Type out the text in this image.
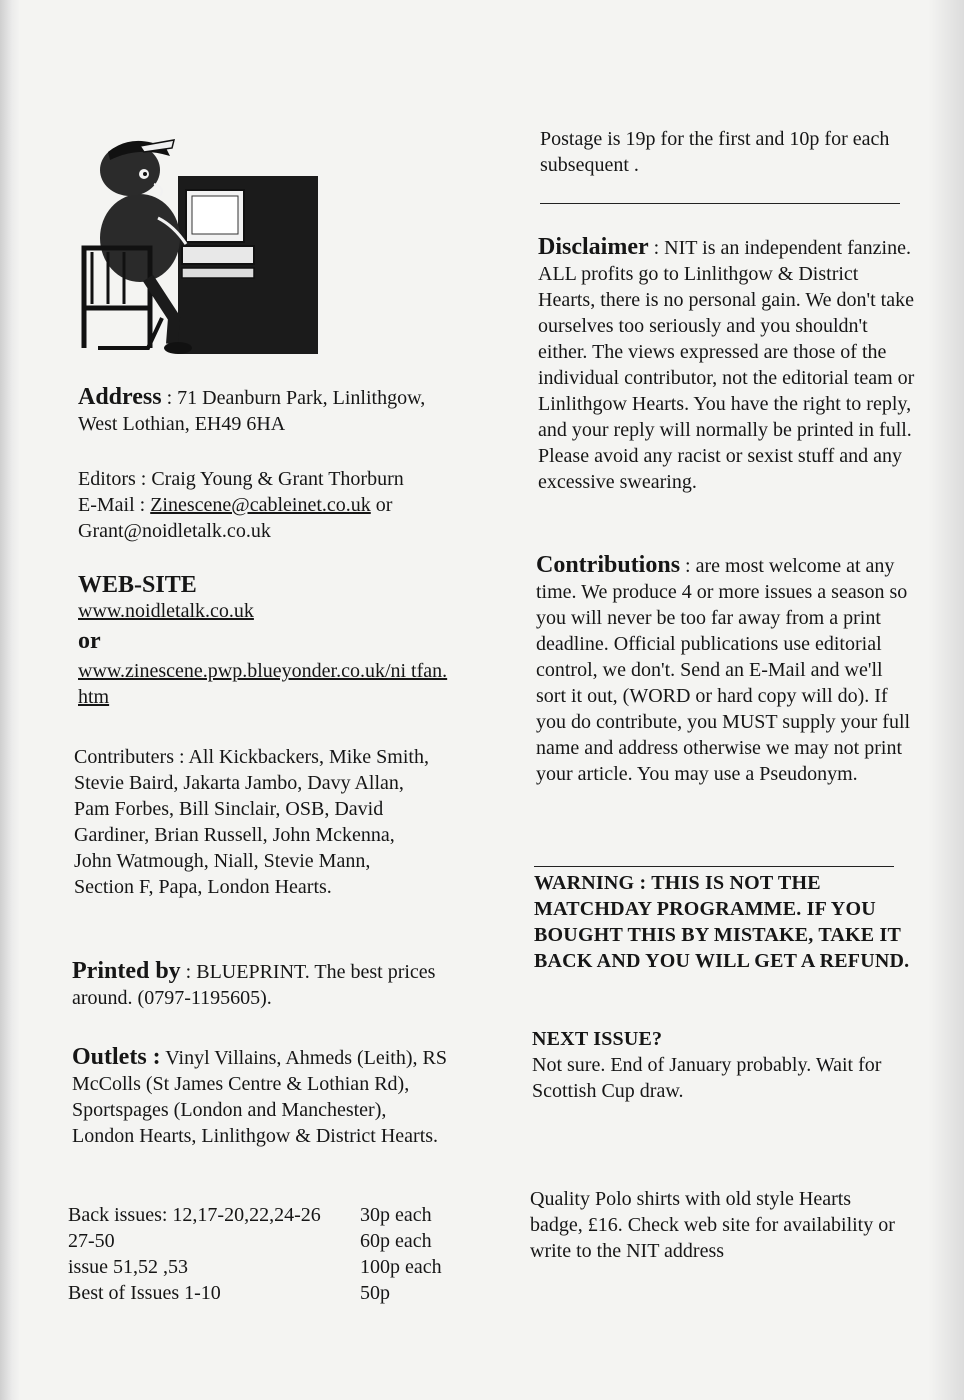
Address : 71 Deanburn Park, Linlithgow, West Lothian, EH49 6HA

Editors : Craig Young & Grant Thorburn

E-Mail : Zinescene@cableinet.co.uk or

Grant@noidletalk.co.uk

WEB-SITE

www.noidletalk.co.uk

or

www.zinescene.pwp.blueyonder.co.uk/ni tfan.htm

Contributers : All Kickbackers, Mike Smith, Stevie Baird, Jakarta Jambo, Davy Allan, Pam Forbes, Bill Sinclair, OSB, David Gardiner, Brian Russell, John Mckenna, John Watmough, Niall, Stevie Mann, Section F, Papa, London Hearts.

Printed by : BLUEPRINT. The best prices around. (0797-1195605).

Outlets : Vinyl Villains, Ahmeds (Leith), RS McColls (St James Centre & Lothian Rd), Sportspages (London and Manchester), London Hearts, Linlithgow & District Hearts.

Back issues: 12,17-20,22,24-26	30p each
27-50	60p each
issue 51,52 ,53	100p each
Best of Issues 1-10	50p

Postage is 19p for the first and 10p for each subsequent .

Disclaimer : NIT is an independent fanzine. ALL profits go to Linlithgow & District Hearts, there is no personal gain. We don't take ourselves too seriously and you shouldn't either. The views expressed are those of the individual contributor, not the editorial team or Linlithgow Hearts. You have the right to reply, and your reply will normally be printed in full. Please avoid any racist or sexist stuff and any excessive swearing.

Contributions : are most welcome at any time. We produce 4 or more issues a season so you will never be too far away from a print deadline. Official publications use editorial control, we don't. Send an E-Mail and we'll sort it out, (WORD or hard copy will do). If you do contribute, you MUST supply your full name and address otherwise we may not print your article. You may use a Pseudonym.

WARNING : THIS IS NOT THE MATCHDAY PROGRAMME. IF YOU BOUGHT THIS BY MISTAKE, TAKE IT BACK AND YOU WILL GET A REFUND.

NEXT ISSUE?

Not sure. End of January probably. Wait for Scottish Cup draw.

Quality Polo shirts with old style Hearts badge, £16. Check web site for availability or write to the NIT address
